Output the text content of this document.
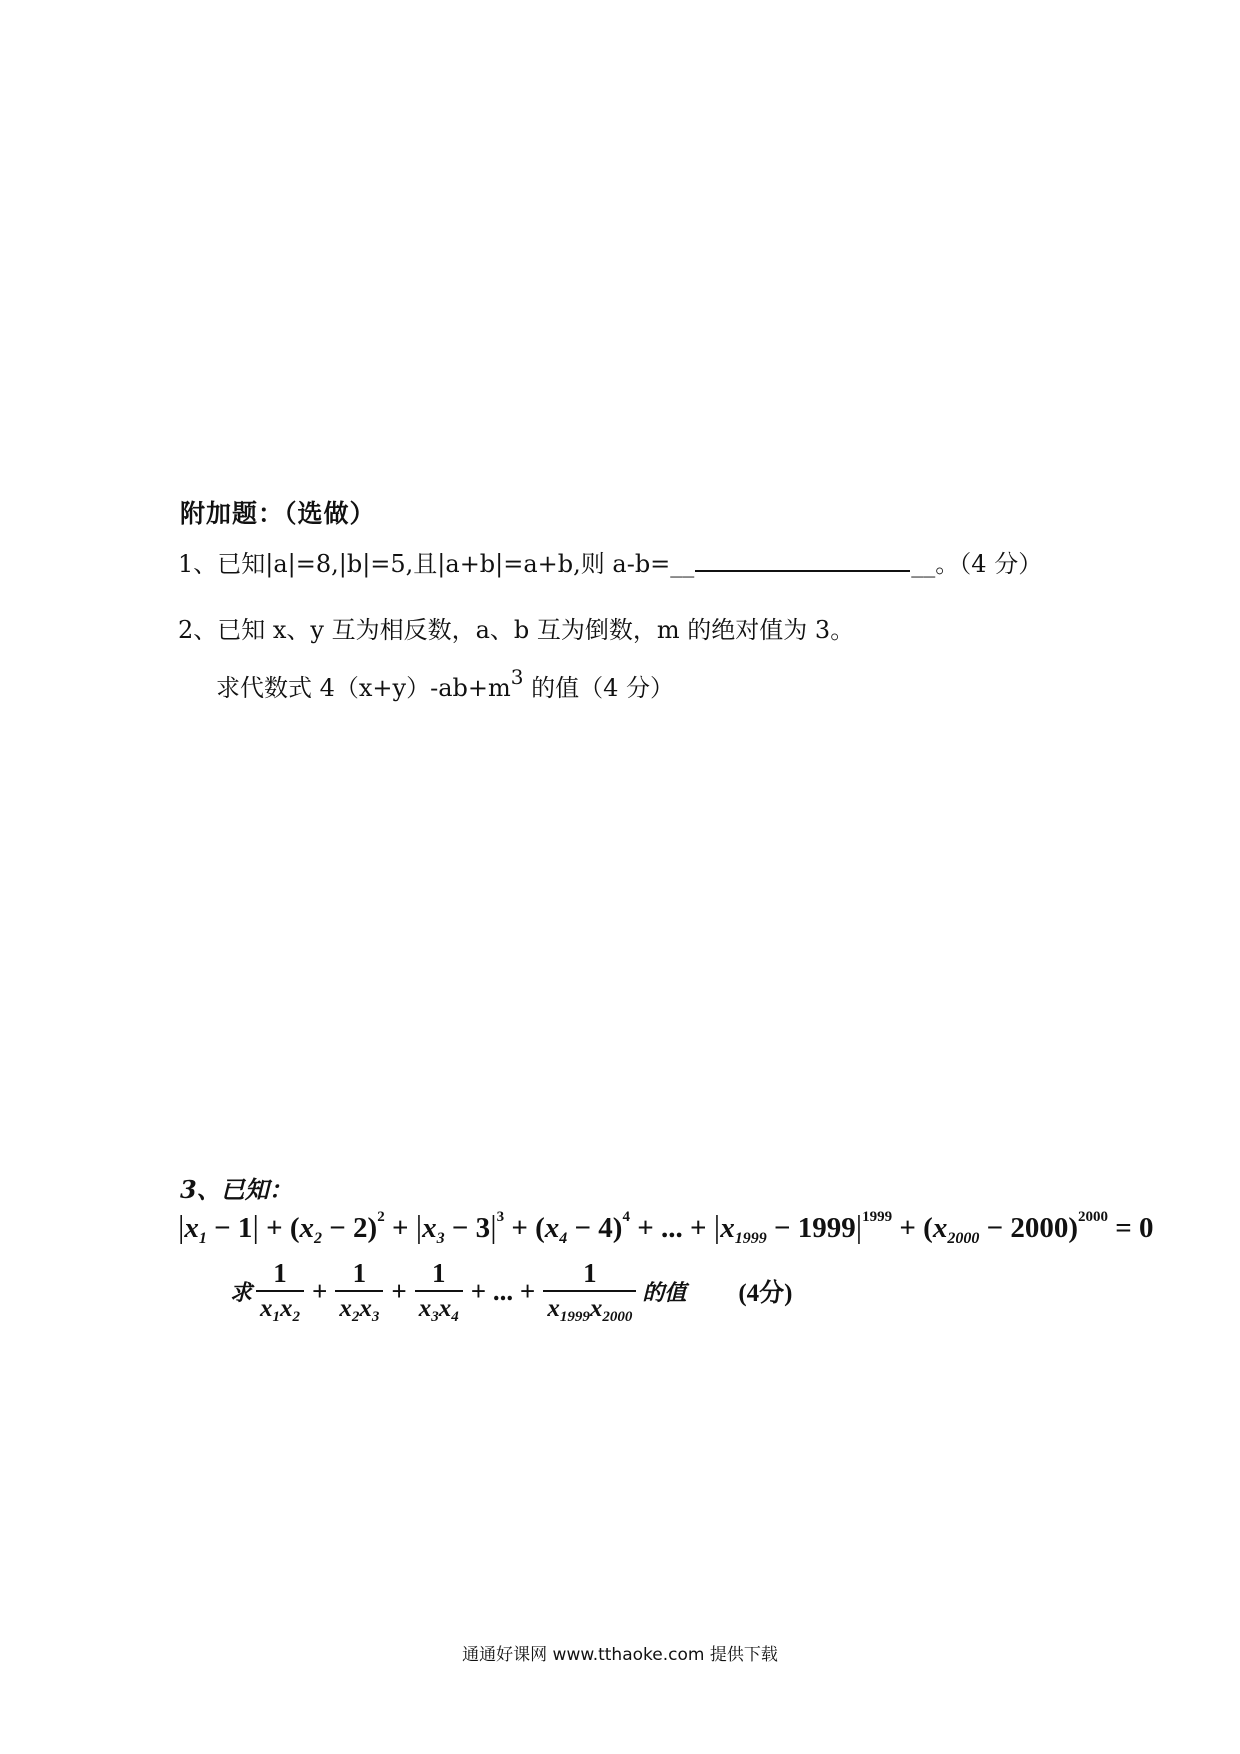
附加题：（选做）
1、已知|a|=8,|b|=5,且|a+b|=a+b,则 a-b=__	__。（4 分）
2、已知 x、y 互为相反数，a、b 互为倒数，m 的绝对值为 3。
求代数式 $4(x+y)-ab+m^3$ 的值（4 分）
3、已知：
$|x_1 - 1| + (x_2 - 2)^2 + |x_3 - 3|^3 + (x_4 - 4)^4$ + ... + $|x_{1999} - 1999|^{1999} + (x_{2000} - 2000)^{2000} = 0$
求 $\frac{1}{x_1x_2} + \frac{1}{x_2x_3} + \frac{1}{x_3x_4}$ + ... + $\frac{1}{x_{1999}x_{2000}}$ 的值 (4分)
通通好课网 www.tthaoke.com 提供下载
